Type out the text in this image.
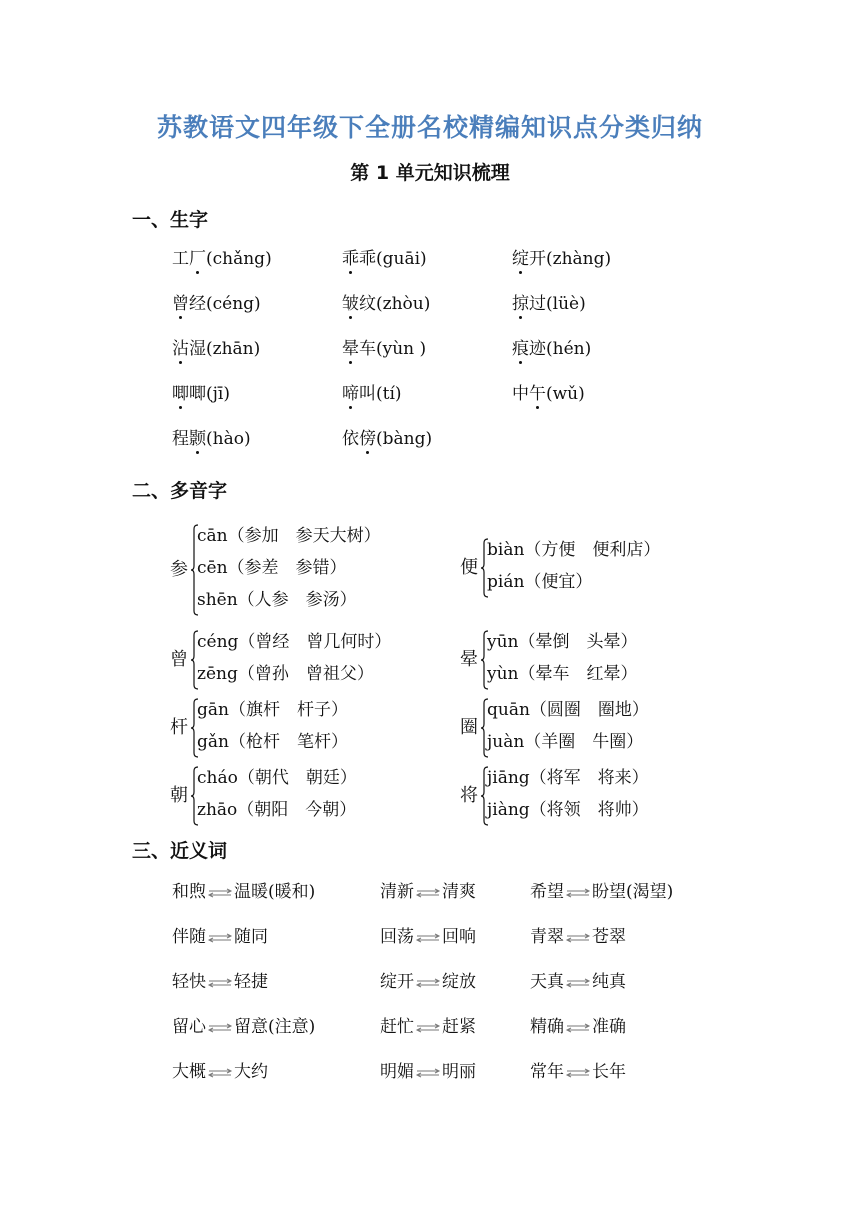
苏教语文四年级下全册名校精编知识点分类归纳
第 1 单元知识梳理
一、生字
工厂(chǎng)	乖乖(guāi)	绽开(zhàng)
曾经(céng)	皱纹(zhòu)	掠过(lüè)
沾湿(zhān)	晕车(yùn )	痕迹(hén)
唧唧(jī)	啼叫(tí)	中午(wǔ)
程颢(hào)	依傍(bàng)
二、多音字
参
cān（参加　参天大树）
cēn（参差　参错）
shēn（人参　参汤）
便
biàn（方便　便利店）
pián（便宜）
曾
céng（曾经　曾几何时）
zēng（曾孙　曾祖父）
晕
yūn（晕倒　头晕）
yùn（晕车　红晕）
杆
gān（旗杆　杆子）
gǎn（枪杆　笔杆）
圈
quān（圆圈　圈地）
juàn（羊圈　牛圈）
朝
cháo（朝代　朝廷）
zhāo（朝阳　今朝）
将
jiāng（将军　将来）
jiàng（将领　将帅）
三、近义词
和煦 温暖(暖和)	清新 清爽	希望 盼望(渴望)
伴随 随同	回荡 回响	青翠 苍翠
轻快 轻捷	绽开 绽放	天真 纯真
留心 留意(注意)	赶忙 赶紧	精确 准确
大概 大约	明媚 明丽	常年 长年
